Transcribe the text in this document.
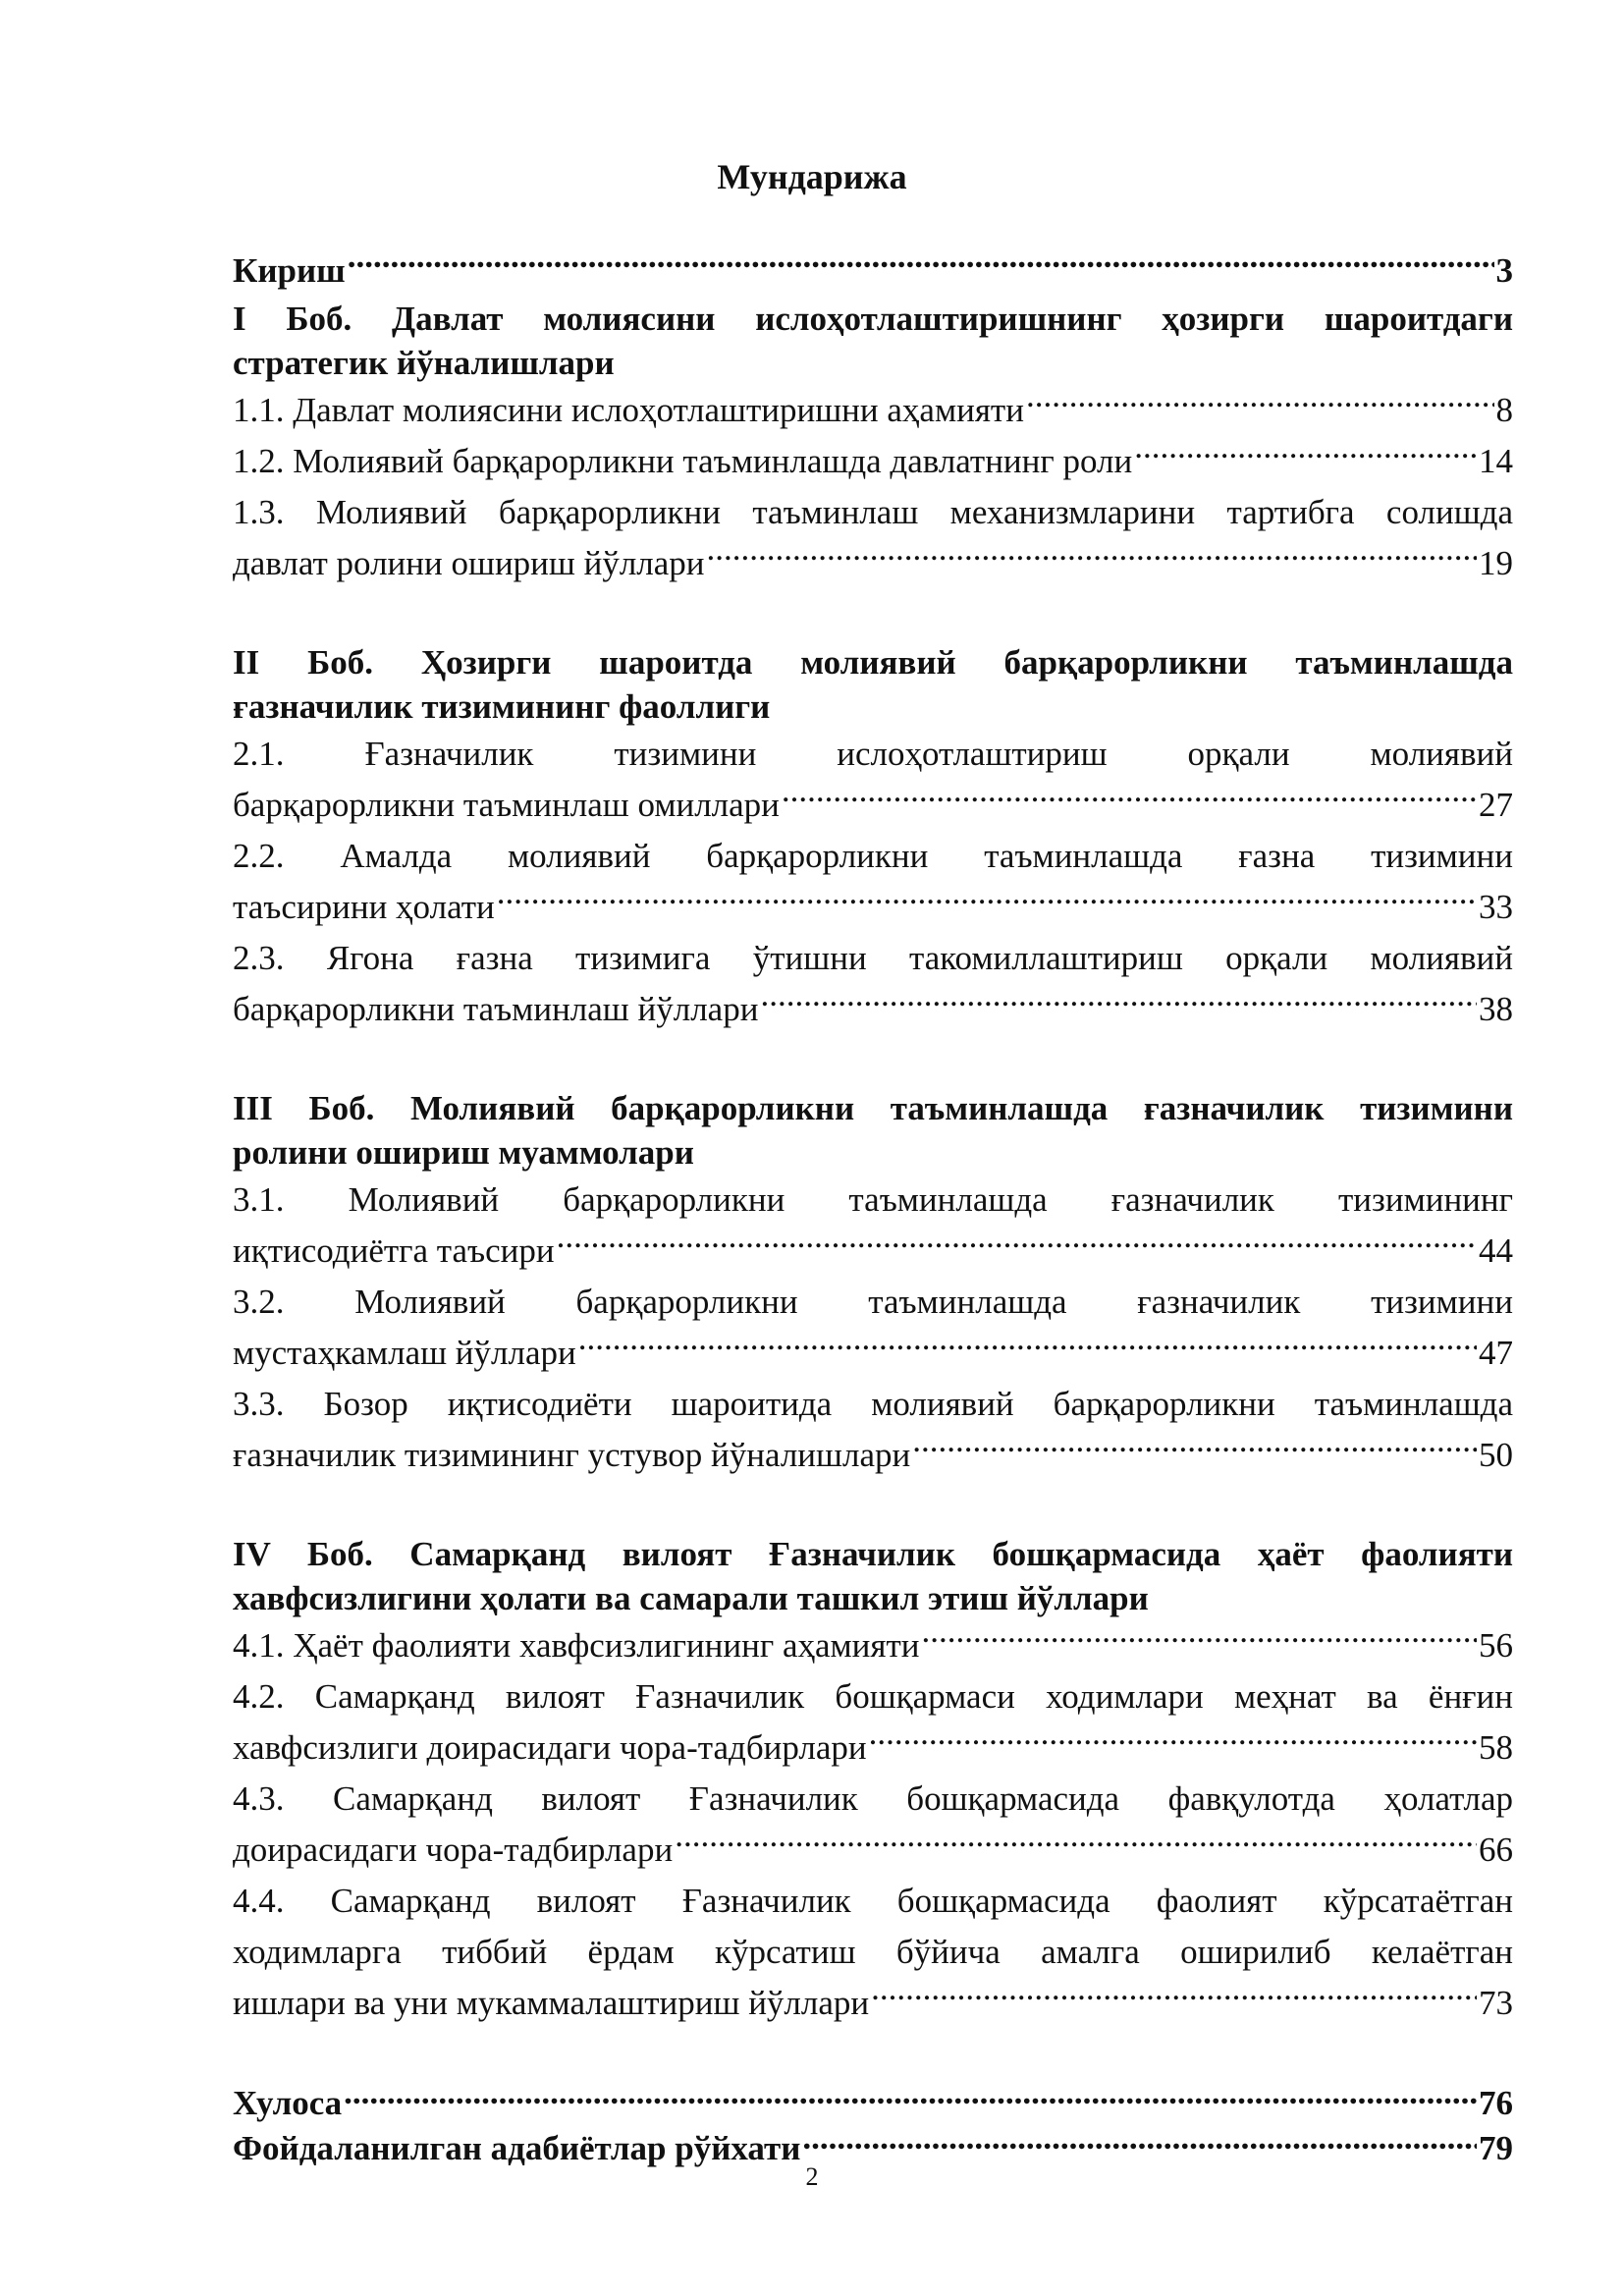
Мундарижа
Кириш .....	3
I Боб. Давлат молиясини ислоҳотлаштиришнинг ҳозирги шароитдаги
стратегик йўналишлари
1.1. Давлат молиясини ислоҳотлаштиришни аҳамияти .....	8
1.2. Молиявий барқарорликни таъминлашда давлатнинг роли .....	14
1.3. Молиявий барқарорликни таъминлаш механизмларини тартибга солишда
давлат ролини ошириш йўллари .....	19
II Боб. Ҳозирги шароитда молиявий барқарорликни таъминлашда
ғазначилик тизимининг фаоллиги
2.1. Ғазначилик тизимини ислоҳотлаштириш орқали молиявий
барқарорликни таъминлаш омиллари .....	27
2.2. Амалда молиявий барқарорликни таъминлашда ғазна тизимини
таъсирини ҳолати .....	33
2.3. Ягона ғазна тизимига ўтишни такомиллаштириш орқали молиявий
барқарорликни таъминлаш йўллари .....	38
III Боб. Молиявий барқарорликни таъминлашда ғазначилик тизимини
ролини ошириш муаммолари
3.1. Молиявий барқарорликни таъминлашда ғазначилик тизимининг
иқтисодиётга таъсири .....	44
3.2. Молиявий барқарорликни таъминлашда ғазначилик тизимини
мустаҳкамлаш йўллари .....	47
3.3. Бозор иқтисодиёти шароитида молиявий барқарорликни таъминлашда
ғазначилик тизимининг устувор йўналишлари .....	50
IV Боб. Самарқанд вилоят Ғазначилик бошқармасида ҳаёт фаолияти
хавфсизлигини ҳолати ва самарали ташкил этиш йўллари
4.1. Ҳаёт фаолияти хавфсизлигининг аҳамияти .....	56
4.2. Самарқанд вилоят Ғазначилик бошқармаси ходимлари меҳнат ва ёнғин
хавфсизлиги доирасидаги чора-тадбирлари .....	58
4.3. Самарқанд вилоят Ғазначилик бошқармасида фавқулотда ҳолатлар
доирасидаги чора-тадбирлари .....	66
4.4. Самарқанд вилоят Ғазначилик бошқармасида фаолият кўрсатаётган
ходимларга тиббий ёрдам кўрсатиш бўйича амалга оширилиб келаётган
ишлари ва уни мукаммалаштириш йўллари .....	73
Хулоса .....	76
Фойдаланилган адабиётлар рўйхати .....	79
2
